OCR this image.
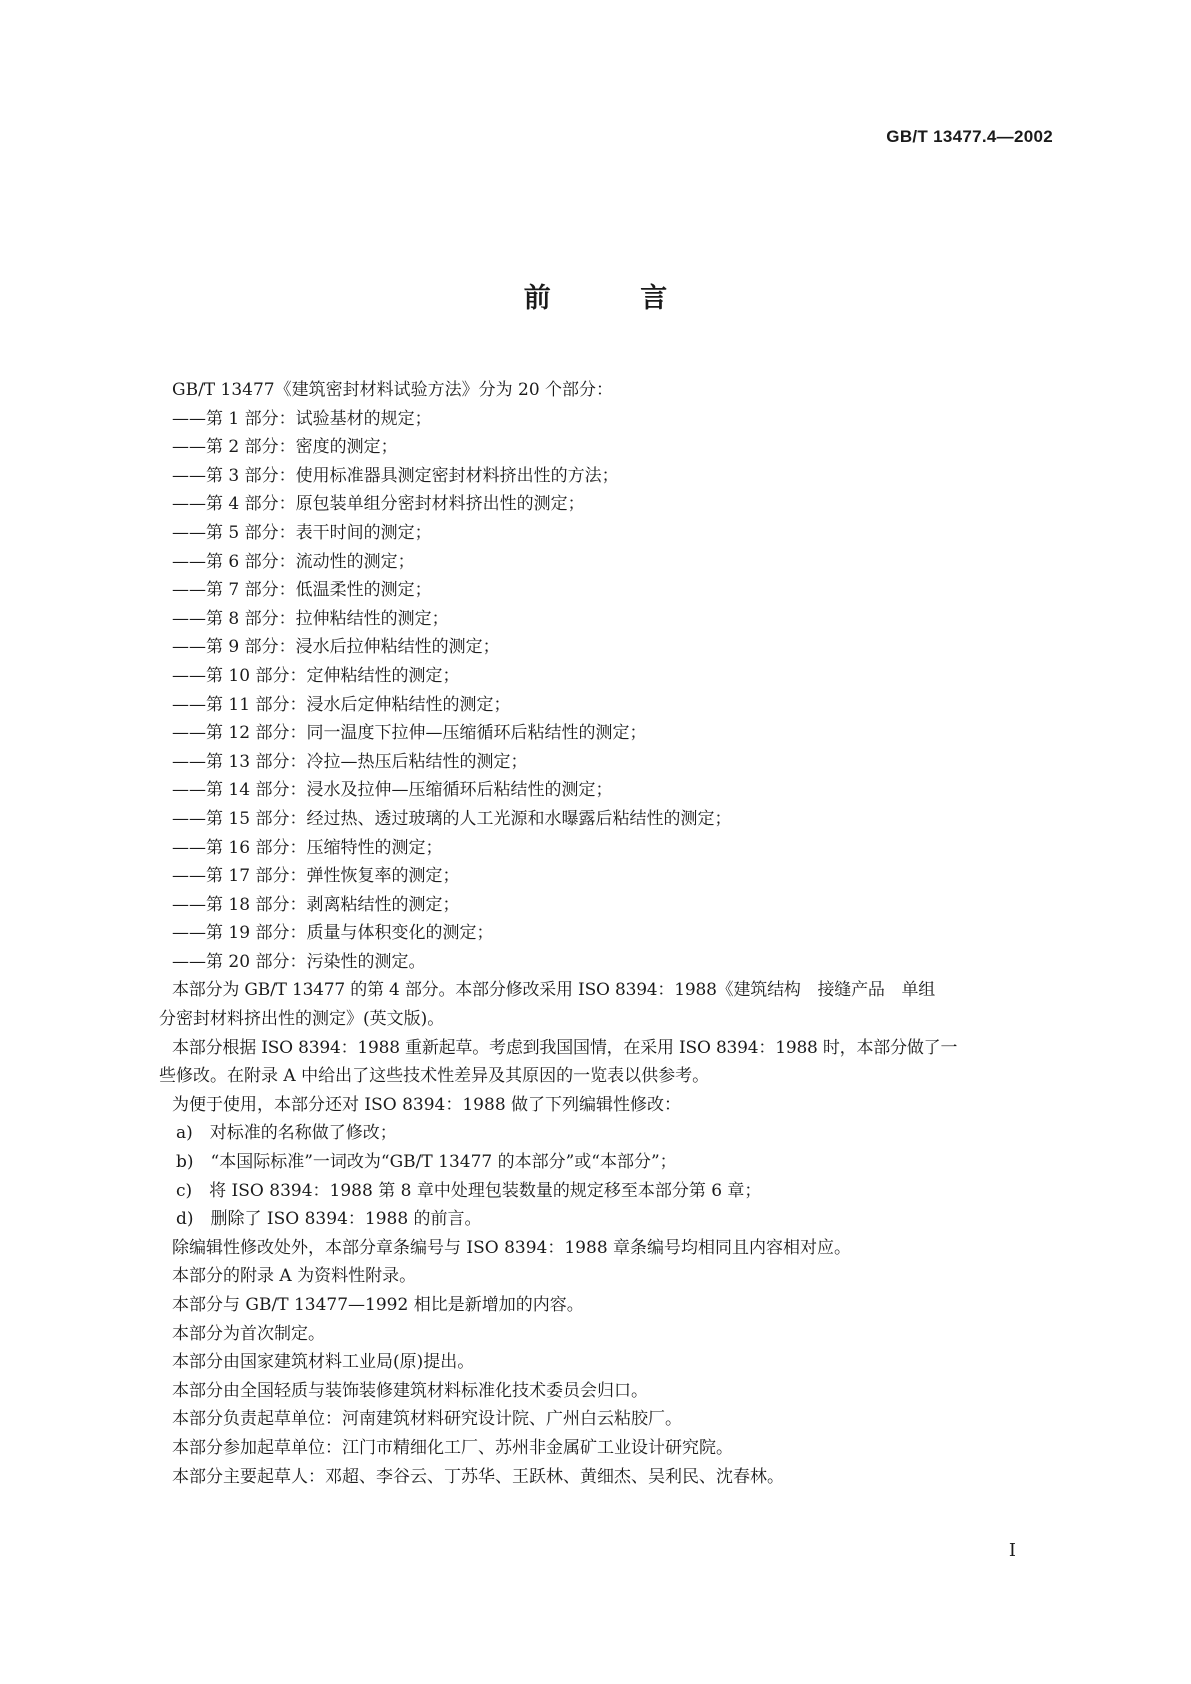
GB/T 13477.4—2002
前 言

GB/T 13477《建筑密封材料试验方法》分为 20 个部分：

——第 1 部分：试验基材的规定；

——第 2 部分：密度的测定；

——第 3 部分：使用标准器具测定密封材料挤出性的方法；

——第 4 部分：原包装单组分密封材料挤出性的测定；

——第 5 部分：表干时间的测定；

——第 6 部分：流动性的测定；

——第 7 部分：低温柔性的测定；

——第 8 部分：拉伸粘结性的测定；

——第 9 部分：浸水后拉伸粘结性的测定；

——第 10 部分：定伸粘结性的测定；

——第 11 部分：浸水后定伸粘结性的测定；

——第 12 部分：同一温度下拉伸—压缩循环后粘结性的测定；

——第 13 部分：冷拉—热压后粘结性的测定；

——第 14 部分：浸水及拉伸—压缩循环后粘结性的测定；

——第 15 部分：经过热、透过玻璃的人工光源和水曝露后粘结性的测定；

——第 16 部分：压缩特性的测定；

——第 17 部分：弹性恢复率的测定；

——第 18 部分：剥离粘结性的测定；

——第 19 部分：质量与体积变化的测定；

——第 20 部分：污染性的测定。

本部分为 GB/T 13477 的第 4 部分。本部分修改采用 ISO 8394：1988《建筑结构　接缝产品　单组

分密封材料挤出性的测定》(英文版)。

本部分根据 ISO 8394：1988 重新起草。考虑到我国国情，在采用 ISO 8394：1988 时，本部分做了一

些修改。在附录 A 中给出了这些技术性差异及其原因的一览表以供参考。

为便于使用，本部分还对 ISO 8394：1988 做了下列编辑性修改：

a)　对标准的名称做了修改；

b)　“本国际标准”一词改为“GB/T 13477 的本部分”或“本部分”；

c)　将 ISO 8394：1988 第 8 章中处理包装数量的规定移至本部分第 6 章；

d)　删除了 ISO 8394：1988 的前言。

除编辑性修改处外，本部分章条编号与 ISO 8394：1988 章条编号均相同且内容相对应。

本部分的附录 A 为资料性附录。

本部分与 GB/T 13477—1992 相比是新增加的内容。

本部分为首次制定。

本部分由国家建筑材料工业局(原)提出。

本部分由全国轻质与装饰装修建筑材料标准化技术委员会归口。

本部分负责起草单位：河南建筑材料研究设计院、广州白云粘胶厂。

本部分参加起草单位：江门市精细化工厂、苏州非金属矿工业设计研究院。

本部分主要起草人：邓超、李谷云、丁苏华、王跃林、黄细杰、吴利民、沈春林。

I
